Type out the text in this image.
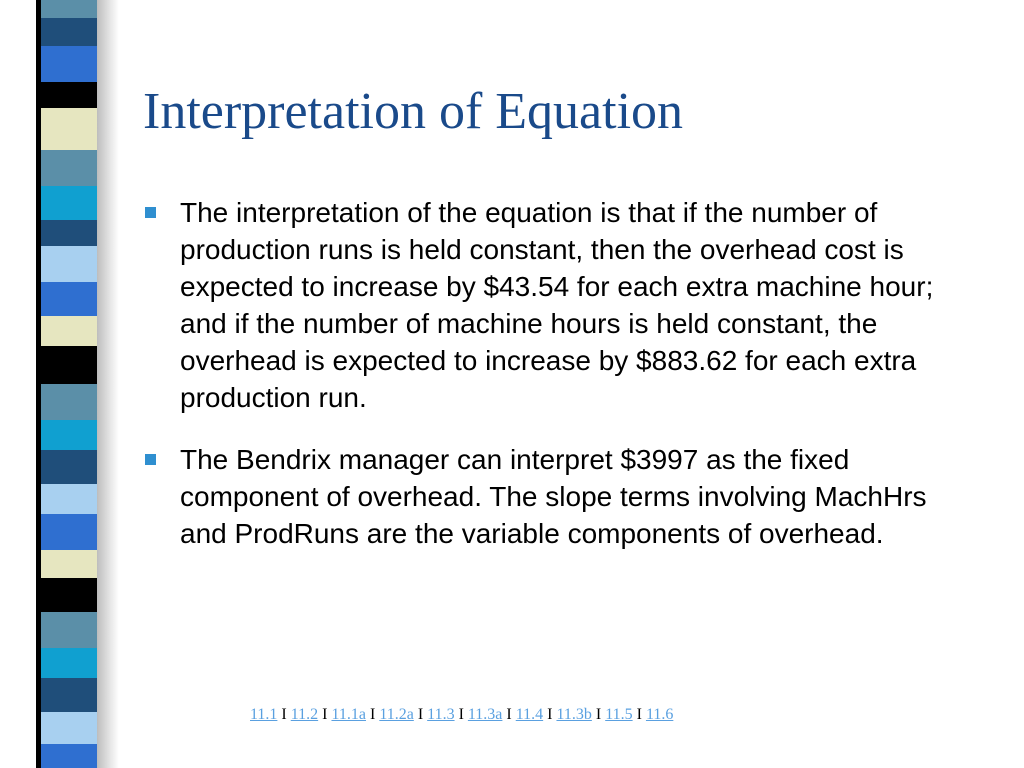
Interpretation of Equation
The interpretation of the equation is that if the number of production runs is held constant, then the overhead cost is expected to increase by $43.54 for each extra machine hour; and if the number of machine hours is held constant, the overhead is expected to increase by $883.62 for each extra production run.
The Bendrix manager can interpret $3997 as the fixed component of overhead. The slope terms involving MachHrs and ProdRuns are the variable components of overhead.
11.1 I 11.2 I 11.1a I 11.2a I 11.3 I 11.3a I 11.4 I 11.3b I 11.5 I 11.6
